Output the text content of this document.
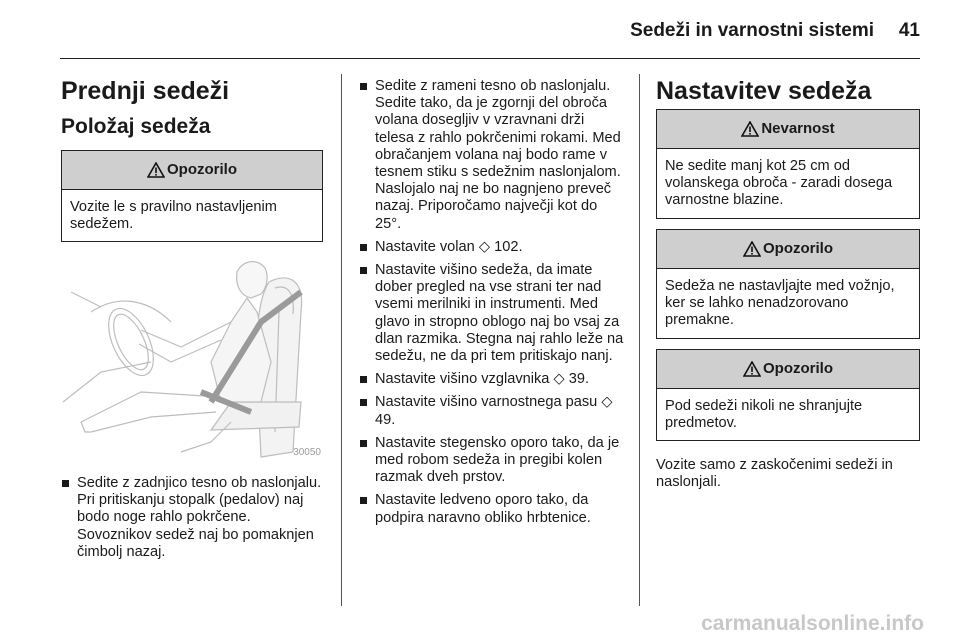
Sedeži in varnostni sistemi 41
Prednji sedeži
Položaj sedeža
Opozorilo
Vozite le s pravilno nastavljenim sedežem.
30050
Sedite z zadnjico tesno ob naslonjalu. Pri pritiskanju stopalk (pedalov) naj bodo noge rahlo pokrčene. Sovoznikov sedež naj bo pomaknjen čimbolj nazaj.
Sedite z rameni tesno ob naslonjalu. Sedite tako, da je zgornji del obroča volana dosegljiv v vzravnani drži telesa z rahlo pokrčenimi rokami. Med obračanjem volana naj bodo rame v tesnem stiku s sedežnim naslonjalom. Naslojalo naj ne bo nagnjeno preveč nazaj. Priporočamo največji kot do 25°.
Nastavite volan ◇ 102.
Nastavite višino sedeža, da imate dober pregled na vse strani ter nad vsemi merilniki in instrumenti. Med glavo in stropno oblogo naj bo vsaj za dlan razmika. Stegna naj rahlo leže na sedežu, ne da pri tem pritiskajo nanj.
Nastavite višino vzglavnika ◇ 39.
Nastavite višino varnostnega pasu ◇ 49.
Nastavite stegensko oporo tako, da je med robom sedeža in pregibi kolen razmak dveh prstov.
Nastavite ledveno oporo tako, da podpira naravno obliko hrbtenice.
Nastavitev sedeža
Nevarnost
Ne sedite manj kot 25 cm od volanskega obroča - zaradi dosega varnostne blazine.
Opozorilo
Sedeža ne nastavljajte med vožnjo, ker se lahko nenadzorovano premakne.
Opozorilo
Pod sedeži nikoli ne shranjujte predmetov.

Vozite samo z zaskočenimi sedeži in naslonjali.

carmanualsonline.info
